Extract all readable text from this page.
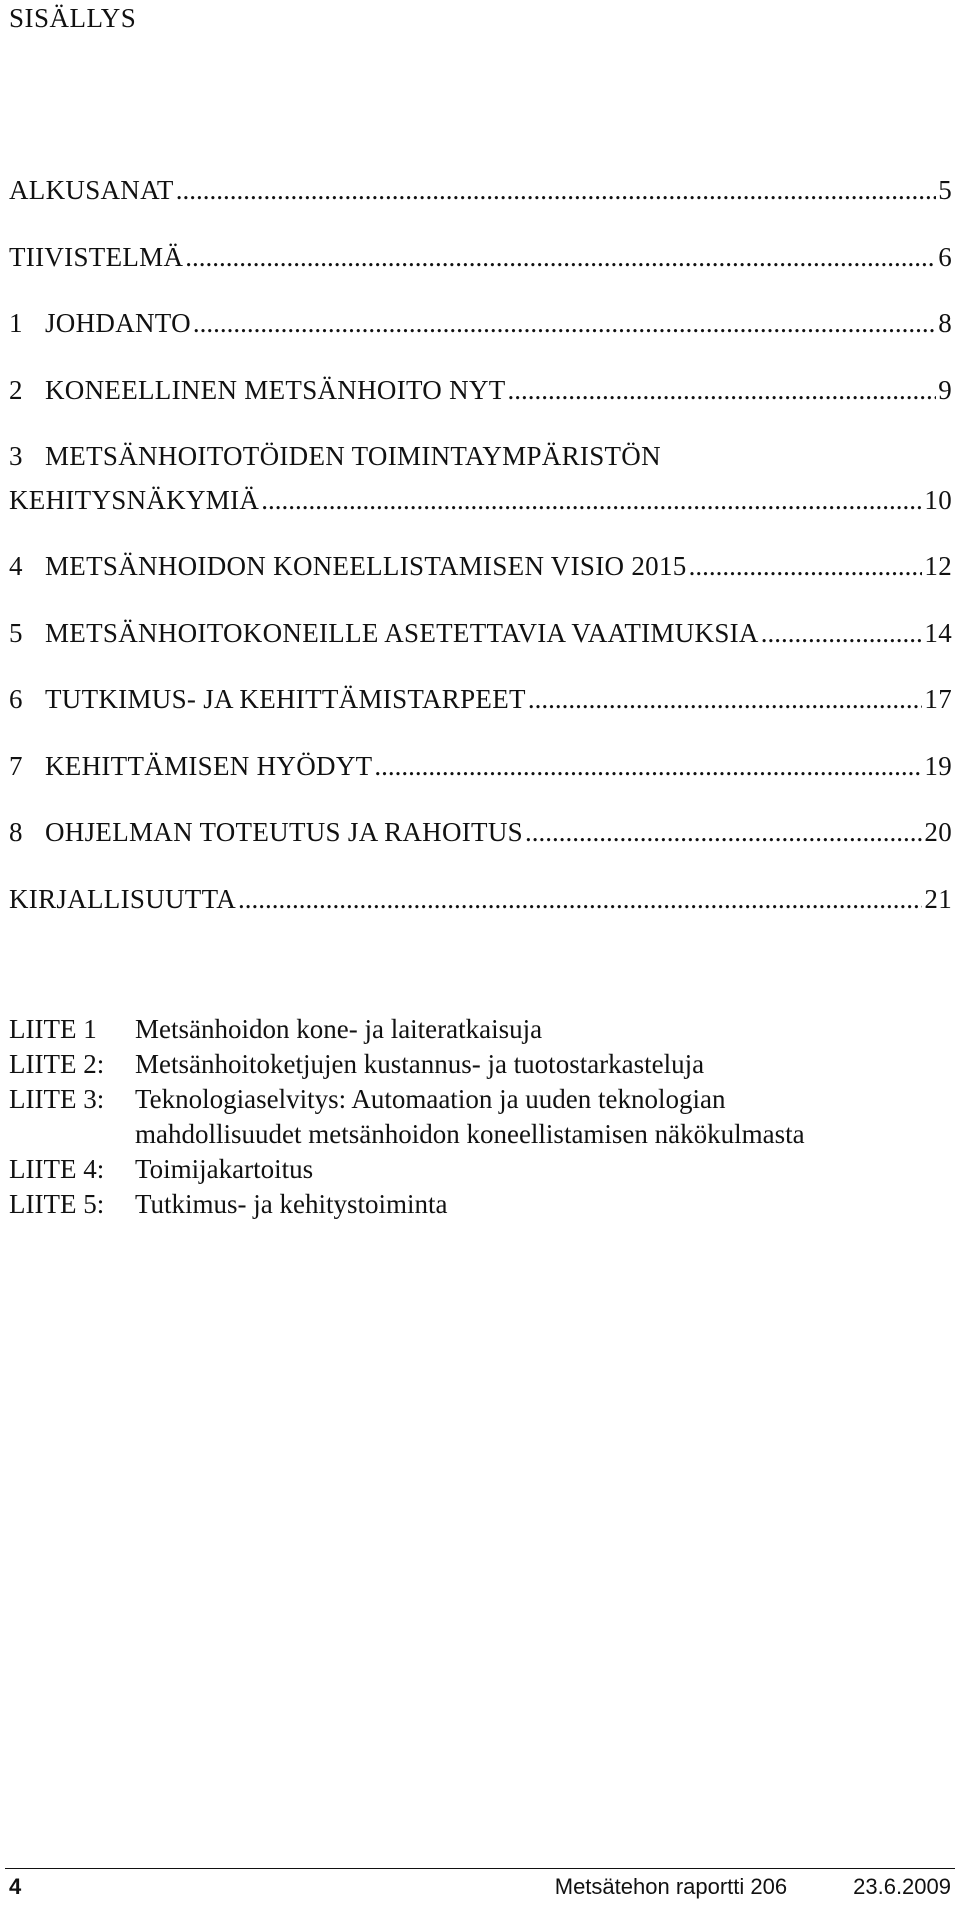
SISÄLLYS
ALKUSANAT .....	5
TIIVISTELMÄ .....	6
1 JOHDANTO .....	8
2 KONEELLINEN METSÄNHOITO NYT .....	9
3 METSÄNHOITOTÖIDEN TOIMINTAYMPÄRISTÖN
KEHITYSNÄKYMIÄ .....	10
4 METSÄNHOIDON KONEELLISTAMISEN VISIO 2015 .....	12
5 METSÄNHOITOKONEILLE ASETETTAVIA VAATIMUKSIA .....	14
6 TUTKIMUS- JA KEHITTÄMISTARPEET .....	17
7 KEHITTÄMISEN HYÖDYT .....	19
8 OHJELMAN TOTEUTUS JA RAHOITUS .....	20
KIRJALLISUUTTA .....	21
LIITE 1	Metsänhoidon kone- ja laiteratkaisuja
LIITE 2:	Metsänhoitoketjujen kustannus- ja tuotostarkasteluja
LIITE 3:	Teknologiaselvitys: Automaation ja uuden teknologian
mahdollisuudet metsänhoidon koneellistamisen näkökulmasta
LIITE 4:	Toimijakartoitus
LIITE 5:	Tutkimus- ja kehitystoiminta
4	Metsätehon raportti 206	23.6.2009
